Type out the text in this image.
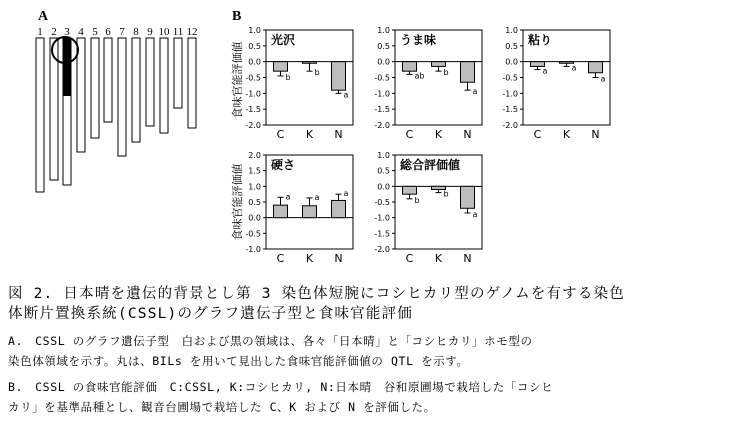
A
1 2 3 4 5 6 7 8 9 10 11 12
B
食味官能評価値
食味官能評価値
1.0
0.5
0.0
-0.5
-1.0
-1.5
-2.0
光沢
b
C
b
K
a
N
1.0
0.5
0.0
-0.5
-1.0
-1.5
-2.0
うま味
ab
C
b
K
a
N
1.0
0.5
0.0
-0.5
-1.0
-1.5
-2.0
粘り
a
C
a
K
a
N
2.0
1.5
1.0
0.5
0.0
-0.5
-1.0
硬さ
a
C
a
K
a
N
1.0
0.5
0.0
-0.5
-1.0
-1.5
-2.0
総合評価値
b
C
b
K
a
N
図 2. 日本晴を遺伝的背景とし第 3 染色体短腕にコシヒカリ型のゲノムを有する染色
体断片置換系統(CSSL)のグラフ遺伝子型と食味官能評価
A.　CSSL のグラフ遺伝子型　白および黒の領域は、各々「日本晴」と「コシヒカリ」ホモ型の
染色体領域を示す。丸は、BILs を用いて見出した食味官能評価値の QTL を示す。
B.　CSSL の食味官能評価　C:CSSL, K:コシヒカリ, N:日本晴　谷和原圃場で栽培した「コシヒ
カリ」を基準品種とし、観音台圃場で栽培した C、K および N を評価した。
